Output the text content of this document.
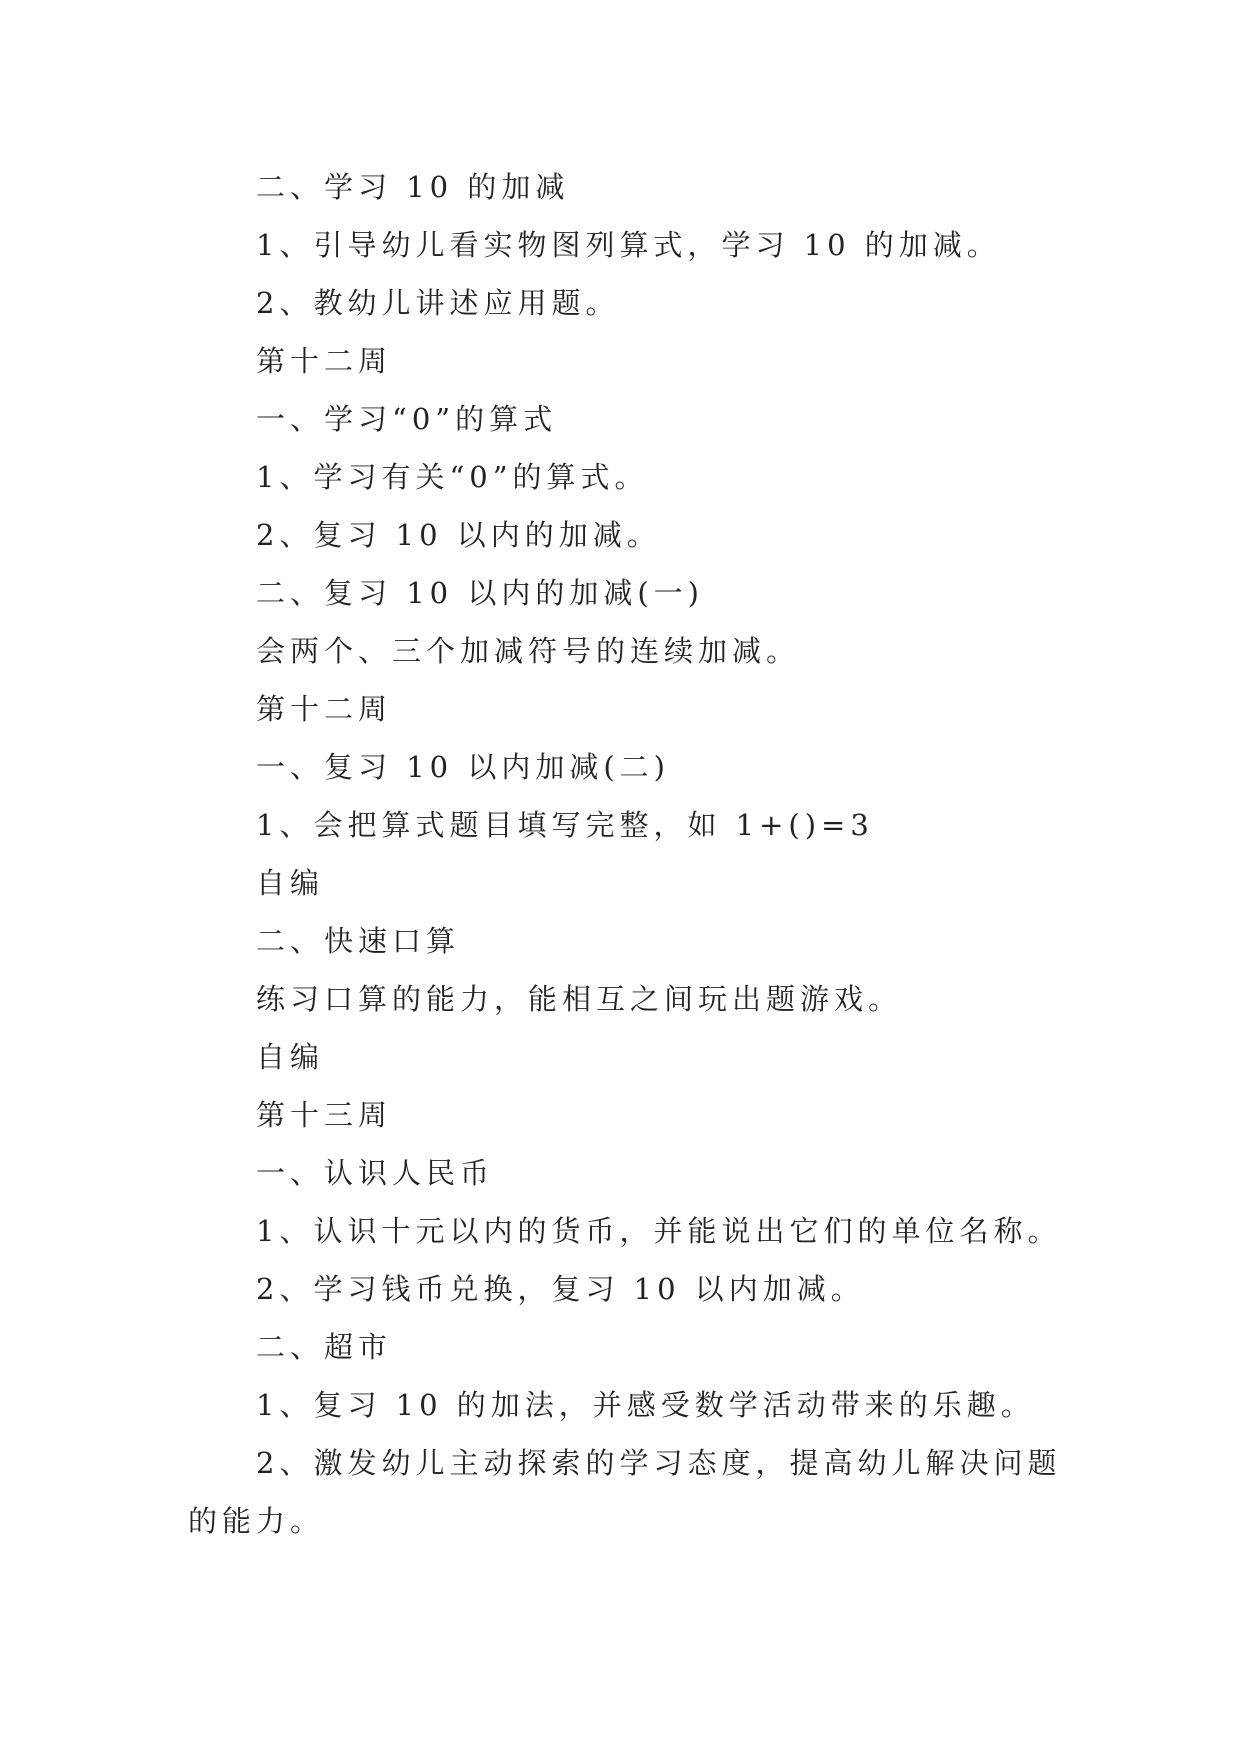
二、学习 10 的加减

1、引导幼儿看实物图列算式，学习 10 的加减。

2、教幼儿讲述应用题。

第十二周

一、学习“0”的算式

1、学习有关“0”的算式。

2、复习 10 以内的加减。

二、复习 10 以内的加减(一)

会两个、三个加减符号的连续加减。

第十二周

一、复习 10 以内加减(二)

1、会把算式题目填写完整，如 1+()=3

自编

二、快速口算

练习口算的能力，能相互之间玩出题游戏。

自编

第十三周

一、认识人民币

1、认识十元以内的货币，并能说出它们的单位名称。

2、学习钱币兑换，复习 10 以内加减。

二、超市

1、复习 10 的加法，并感受数学活动带来的乐趣。

2、激发幼儿主动探索的学习态度，提高幼儿解决问题的能力。
